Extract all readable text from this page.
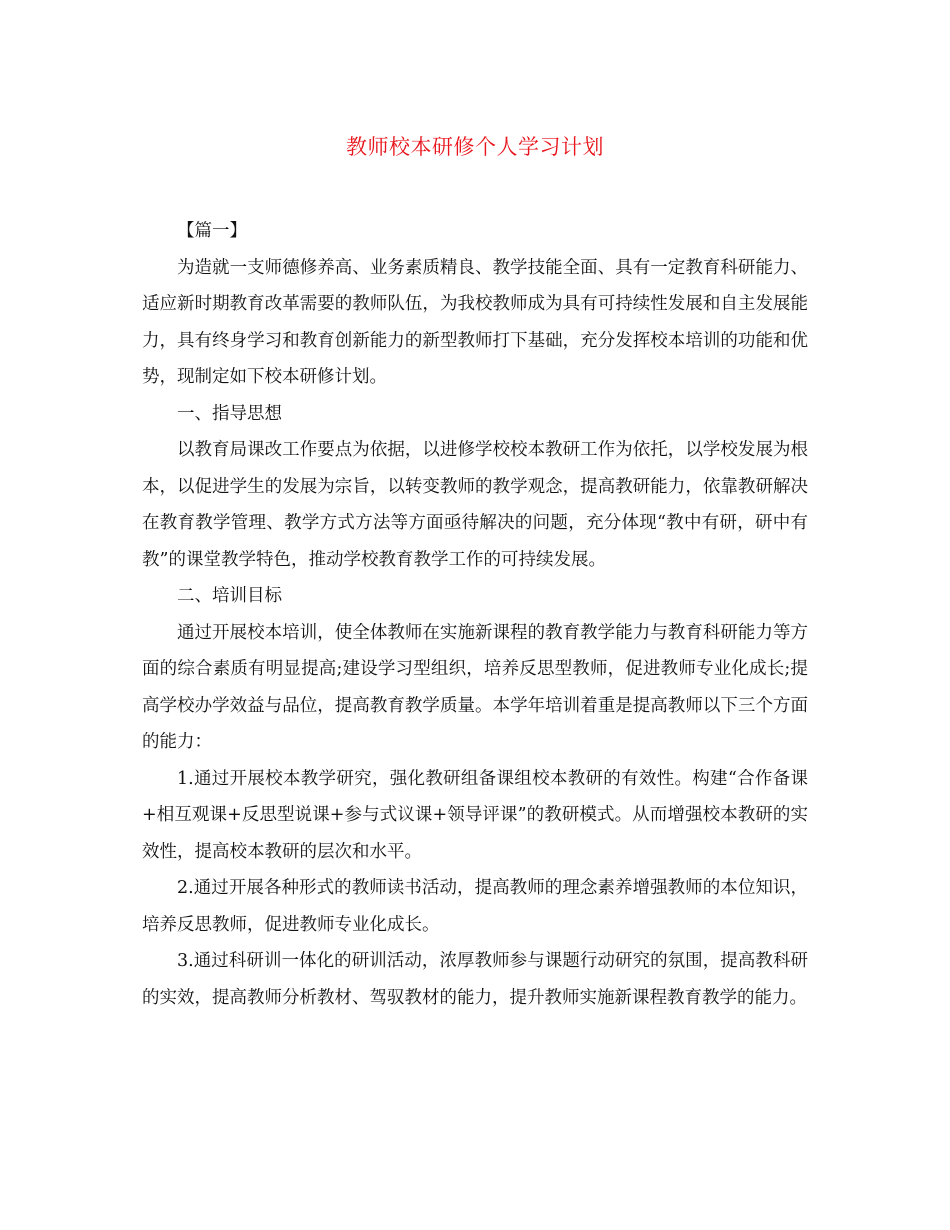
教师校本研修个人学习计划

【篇一】

为造就一支师德修养高、业务素质精良、教学技能全面、具有一定教育科研能力、适应新时期教育改革需要的教师队伍，为我校教师成为具有可持续性发展和自主发展能力，具有终身学习和教育创新能力的新型教师打下基础，充分发挥校本培训的功能和优势，现制定如下校本研修计划。

一、指导思想

以教育局课改工作要点为依据，以进修学校校本教研工作为依托，以学校发展为根本，以促进学生的发展为宗旨，以转变教师的教学观念，提高教研能力，依靠教研解决在教育教学管理、教学方式方法等方面亟待解决的问题，充分体现“教中有研，研中有教”的课堂教学特色，推动学校教育教学工作的可持续发展。

二、培训目标

通过开展校本培训，使全体教师在实施新课程的教育教学能力与教育科研能力等方面的综合素质有明显提高;建设学习型组织，培养反思型教师，促进教师专业化成长;提高学校办学效益与品位，提高教育教学质量。本学年培训着重是提高教师以下三个方面的能力：

1.通过开展校本教学研究，强化教研组备课组校本教研的有效性。构建“合作备课+相互观课+反思型说课+参与式议课+领导评课”的教研模式。从而增强校本教研的实效性，提高校本教研的层次和水平。

2.通过开展各种形式的教师读书活动，提高教师的理念素养增强教师的本位知识，培养反思教师，促进教师专业化成长。

3.通过科研训一体化的研训活动，浓厚教师参与课题行动研究的氛围，提高教科研的实效，提高教师分析教材、驾驭教材的能力，提升教师实施新课程教育教学的能力。
